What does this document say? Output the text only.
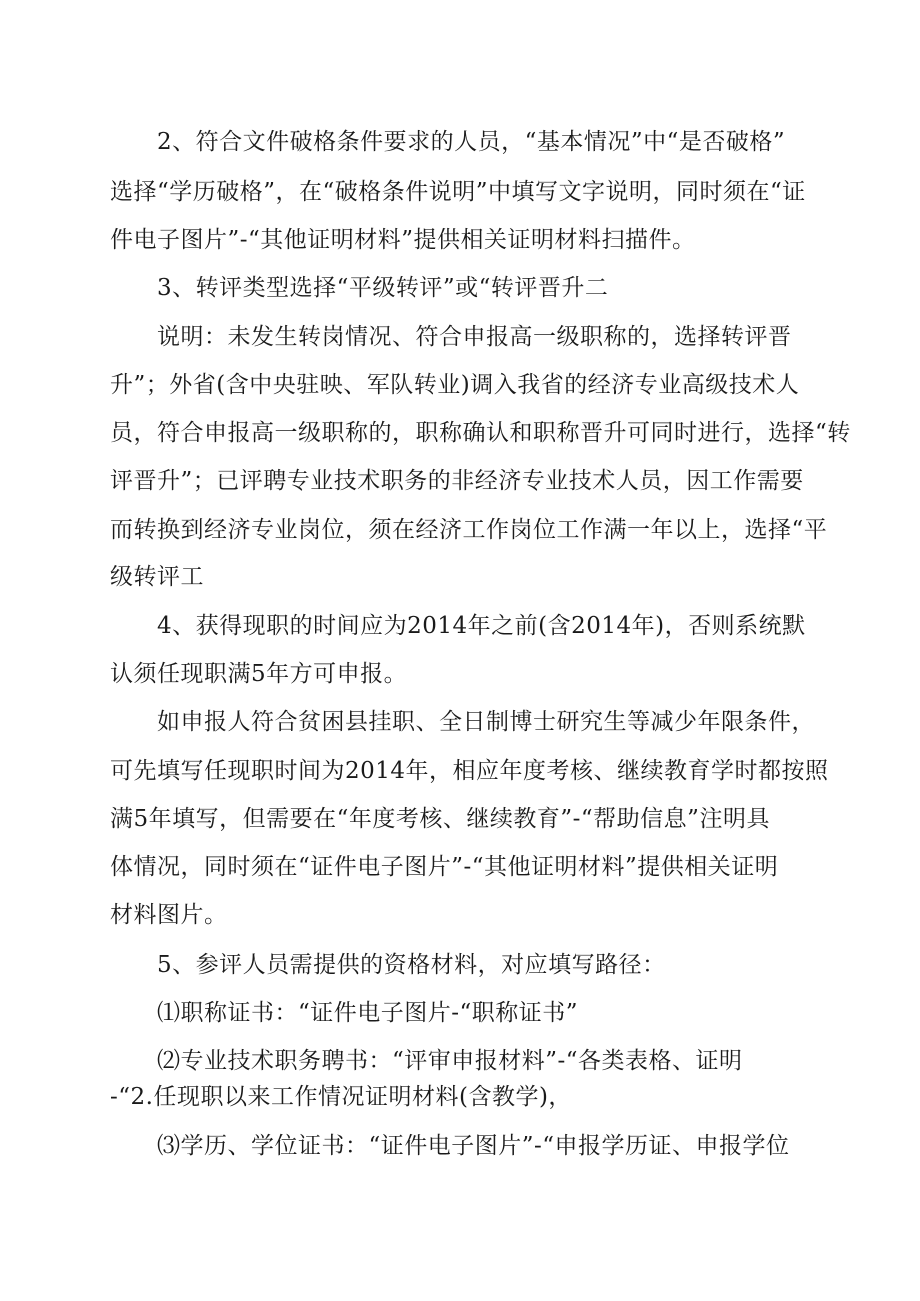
　　2、符合文件破格条件要求的人员，“基本情况”中“是否破格”
选择“学历破格”，在“破格条件说明”中填写文字说明，同时须在“证
件电子图片”-“其他证明材料”提供相关证明材料扫描件。
　　3、转评类型选择“平级转评”或“转评晋升二
　　说明：未发生转岗情况、符合申报高一级职称的，选择转评晋
升”；外省(含中央驻映、军队转业)调入我省的经济专业高级技术人
员，符合申报高一级职称的，职称确认和职称晋升可同时进行，选择“转
评晋升”；已评聘专业技术职务的非经济专业技术人员，因工作需要
而转换到经济专业岗位，须在经济工作岗位工作满一年以上，选择“平
级转评工
　　4、获得现职的时间应为2014年之前(含2014年)，否则系统默
认须任现职满5年方可申报。
　　如申报人符合贫困县挂职、全日制博士研究生等减少年限条件，
可先填写任现职时间为2014年，相应年度考核、继续教育学时都按照
满5年填写，但需要在“年度考核、继续教育”-“帮助信息”注明具
体情况，同时须在“证件电子图片”-“其他证明材料”提供相关证明
材料图片。
　　5、参评人员需提供的资格材料，对应填写路径：
　　⑴职称证书：“证件电子图片-“职称证书”
　　⑵专业技术职务聘书：“评审申报材料”-“各类表格、证明
-“2.任现职以来工作情况证明材料(含教学)，
　　⑶学历、学位证书：“证件电子图片”-“申报学历证、申报学位
